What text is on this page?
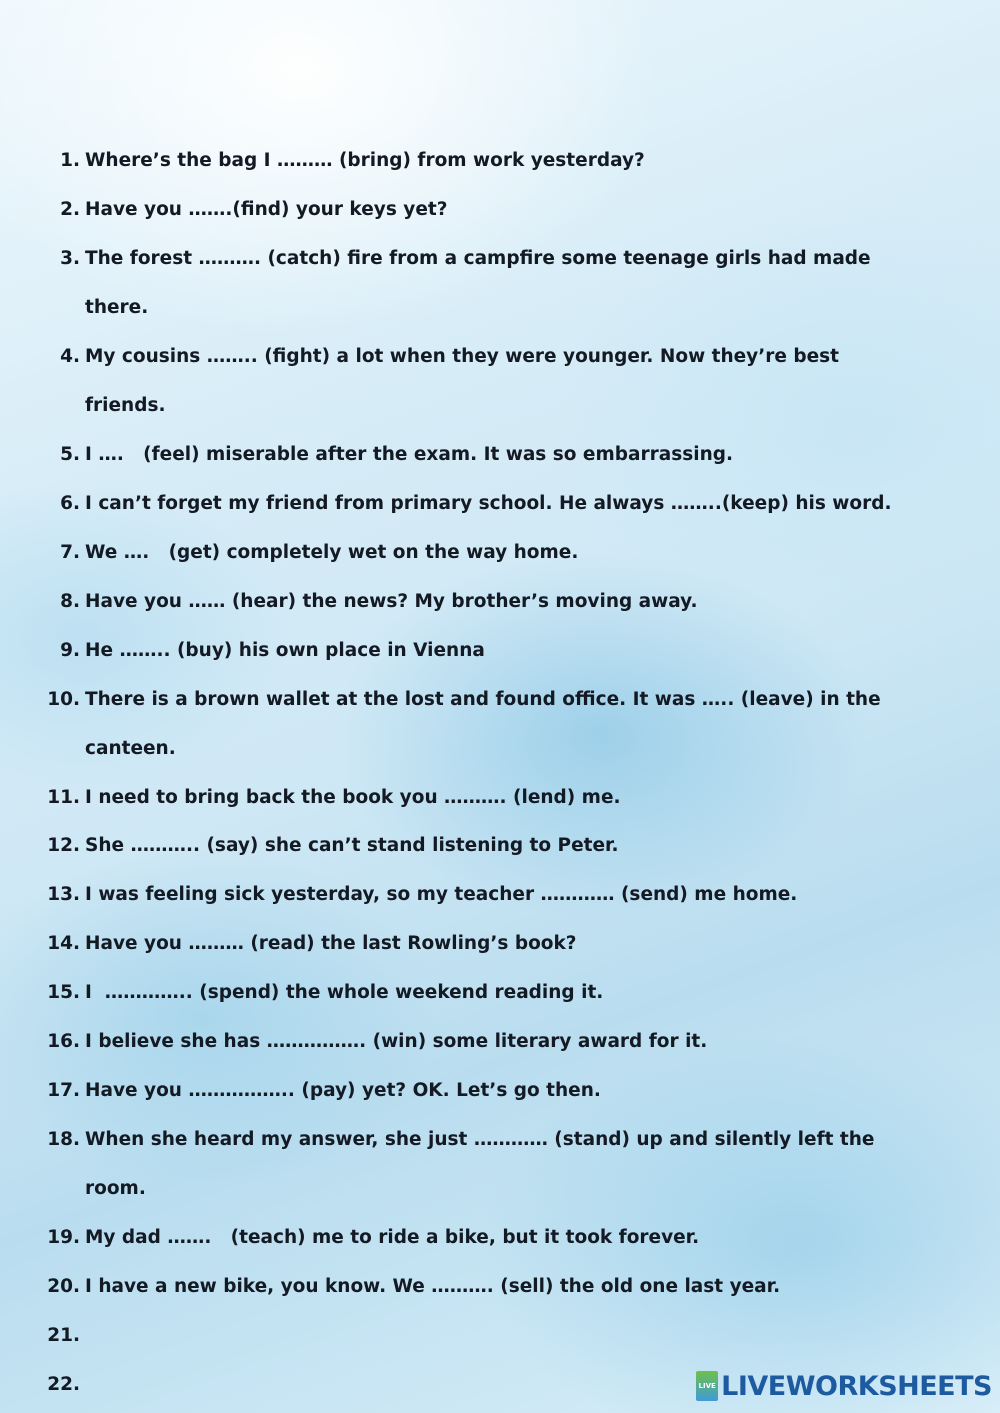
1. Where’s the bag I ……… (bring) from work yesterday?
2. Have you …….(find) your keys yet?
3. The forest ………. (catch) fire from a campfire some teenage girls had made
there.
4. My cousins …….. (fight) a lot when they were younger. Now they’re best
friends.
5. I ….   (feel) miserable after the exam. It was so embarrassing.
6. I can’t forget my friend from primary school. He always ……..(keep) his word.
7. We ….   (get) completely wet on the way home.
8. Have you …… (hear) the news? My brother’s moving away.
9. He …….. (buy) his own place in Vienna
10. There is a brown wallet at the lost and found office. It was ….. (leave) in the
canteen.
11. I need to bring back the book you ………. (lend) me.
12. She ……….. (say) she can’t stand listening to Peter.
13. I was feeling sick yesterday, so my teacher ………… (send) me home.
14. Have you ……… (read) the last Rowling’s book?
15. I  ………….. (spend) the whole weekend reading it.
16. I believe she has ……………. (win) some literary award for it.
17. Have you …………….. (pay) yet? OK. Let’s go then.
18. When she heard my answer, she just ………… (stand) up and silently left the
room.
19. My dad …….   (teach) me to ride a bike, but it took forever.
20. I have a new bike, you know. We ………. (sell) the old one last year.
21.
22.	LIVE LIVEWORKSHEETS
